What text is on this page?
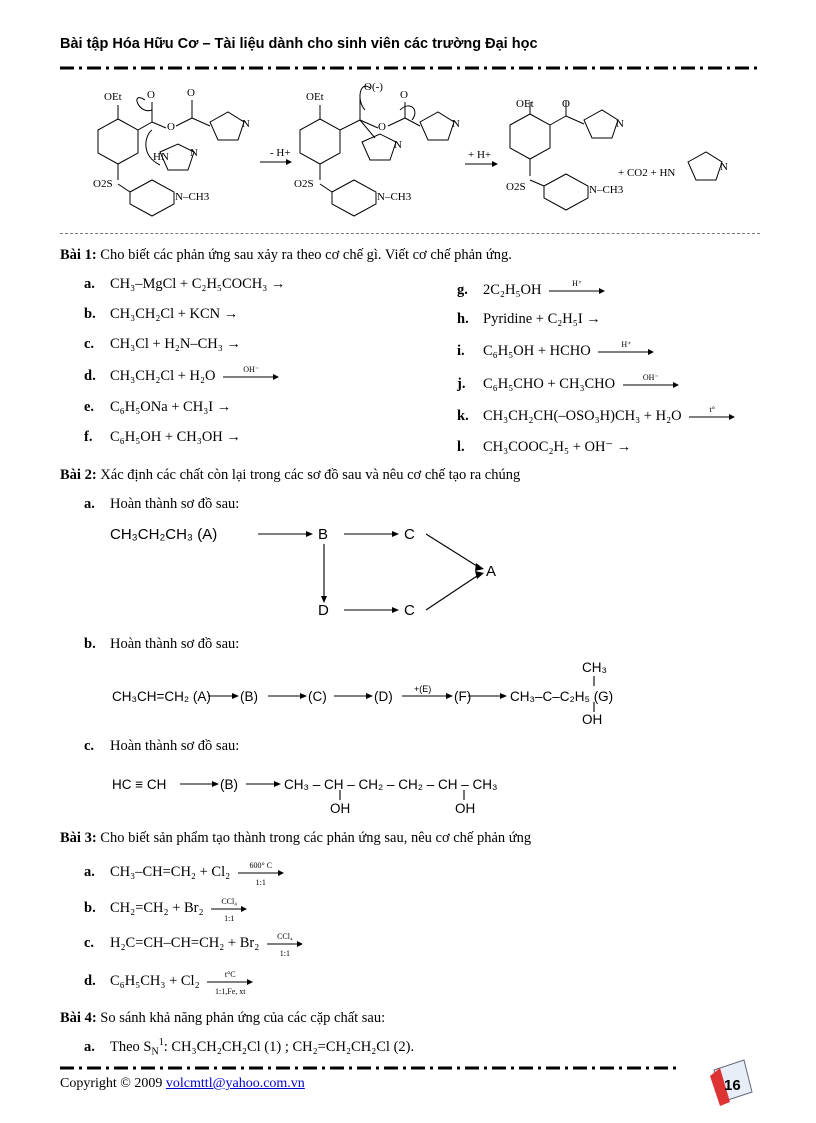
Bài tập Hóa Hữu Cơ – Tài liệu dành cho sinh viên các trường Đại học
OEt O
O
O
N
HN N
O2S
N–CH3
- H+
OEt
O(-)
O
O
N
N
O2S
N–CH3
+ H+
OEt	O
N
O2S	N–CH3
+ CO2 + HN	N
Bài 1: Cho biết các phản ứng sau xảy ra theo cơ chế gì. Viết cơ chế phản ứng.
a. CH₃–MgCl + C₂H₅COCH₃ →
b. CH₃CH₂Cl + KCN →
c. CH₃Cl + H₂N–CH₃ →
d. CH₃CH₂Cl + H₂O	OH⁻
e. C₆H₅ONa + CH₃I →
f. C₆H₅OH + CH₃OH →
g. 2C₂H₅OH	H⁺
h. Pyridine + C₂H₅I →
i. C₆H₅OH + HCHO	H⁺
j. C₆H₅CHO + CH₃CHO	OH⁻
k. CH₃CH₂CH(–OSO₃H)CH₃ + H₂O	t°
l. CH₃COOC₂H₅ + OH⁻ →
Bài 2: Xác định các chất còn lại trong các sơ đồ sau và nêu cơ chế tạo ra chúng
a. Hoàn thành sơ đồ sau:
CH₃CH₂CH₃ (A)	B	C
D	C
A
b. Hoàn thành sơ đồ sau:
CH₃CH=CH₂ (A) (B)	(C)	(D) +(E) (F)
CH₃
CH₃–C–C₂H₅ (G)
OH
c. Hoàn thành sơ đồ sau:
HC ≡ CH	(B)	CH₃ – CH – CH₂ – CH₂ – CH – CH₃
OH	OH
Bài 3: Cho biết sản phẩm tạo thành trong các phản ứng sau, nêu cơ chế phản ứng
a. CH₃–CH=CH₂ + Cl₂	600° C
1:1
b. CH₂=CH₂ + Br₂	CCl₄
1:1
c. H₂C=CH–CH=CH₂ + Br₂	CCl₄
1:1
d. C₆H₅CH₃ + Cl₂	t°C
1:1,Fe, xt
Bài 4: So sánh khả năng phản ứng của các cặp chất sau:
a. Theo $S_N^1$: CH₃CH₂CH₂Cl (1) ; CH₂=CH₂CH₂Cl (2).
Copyright © 2009 volcmttl@yahoo.com.vn	16
